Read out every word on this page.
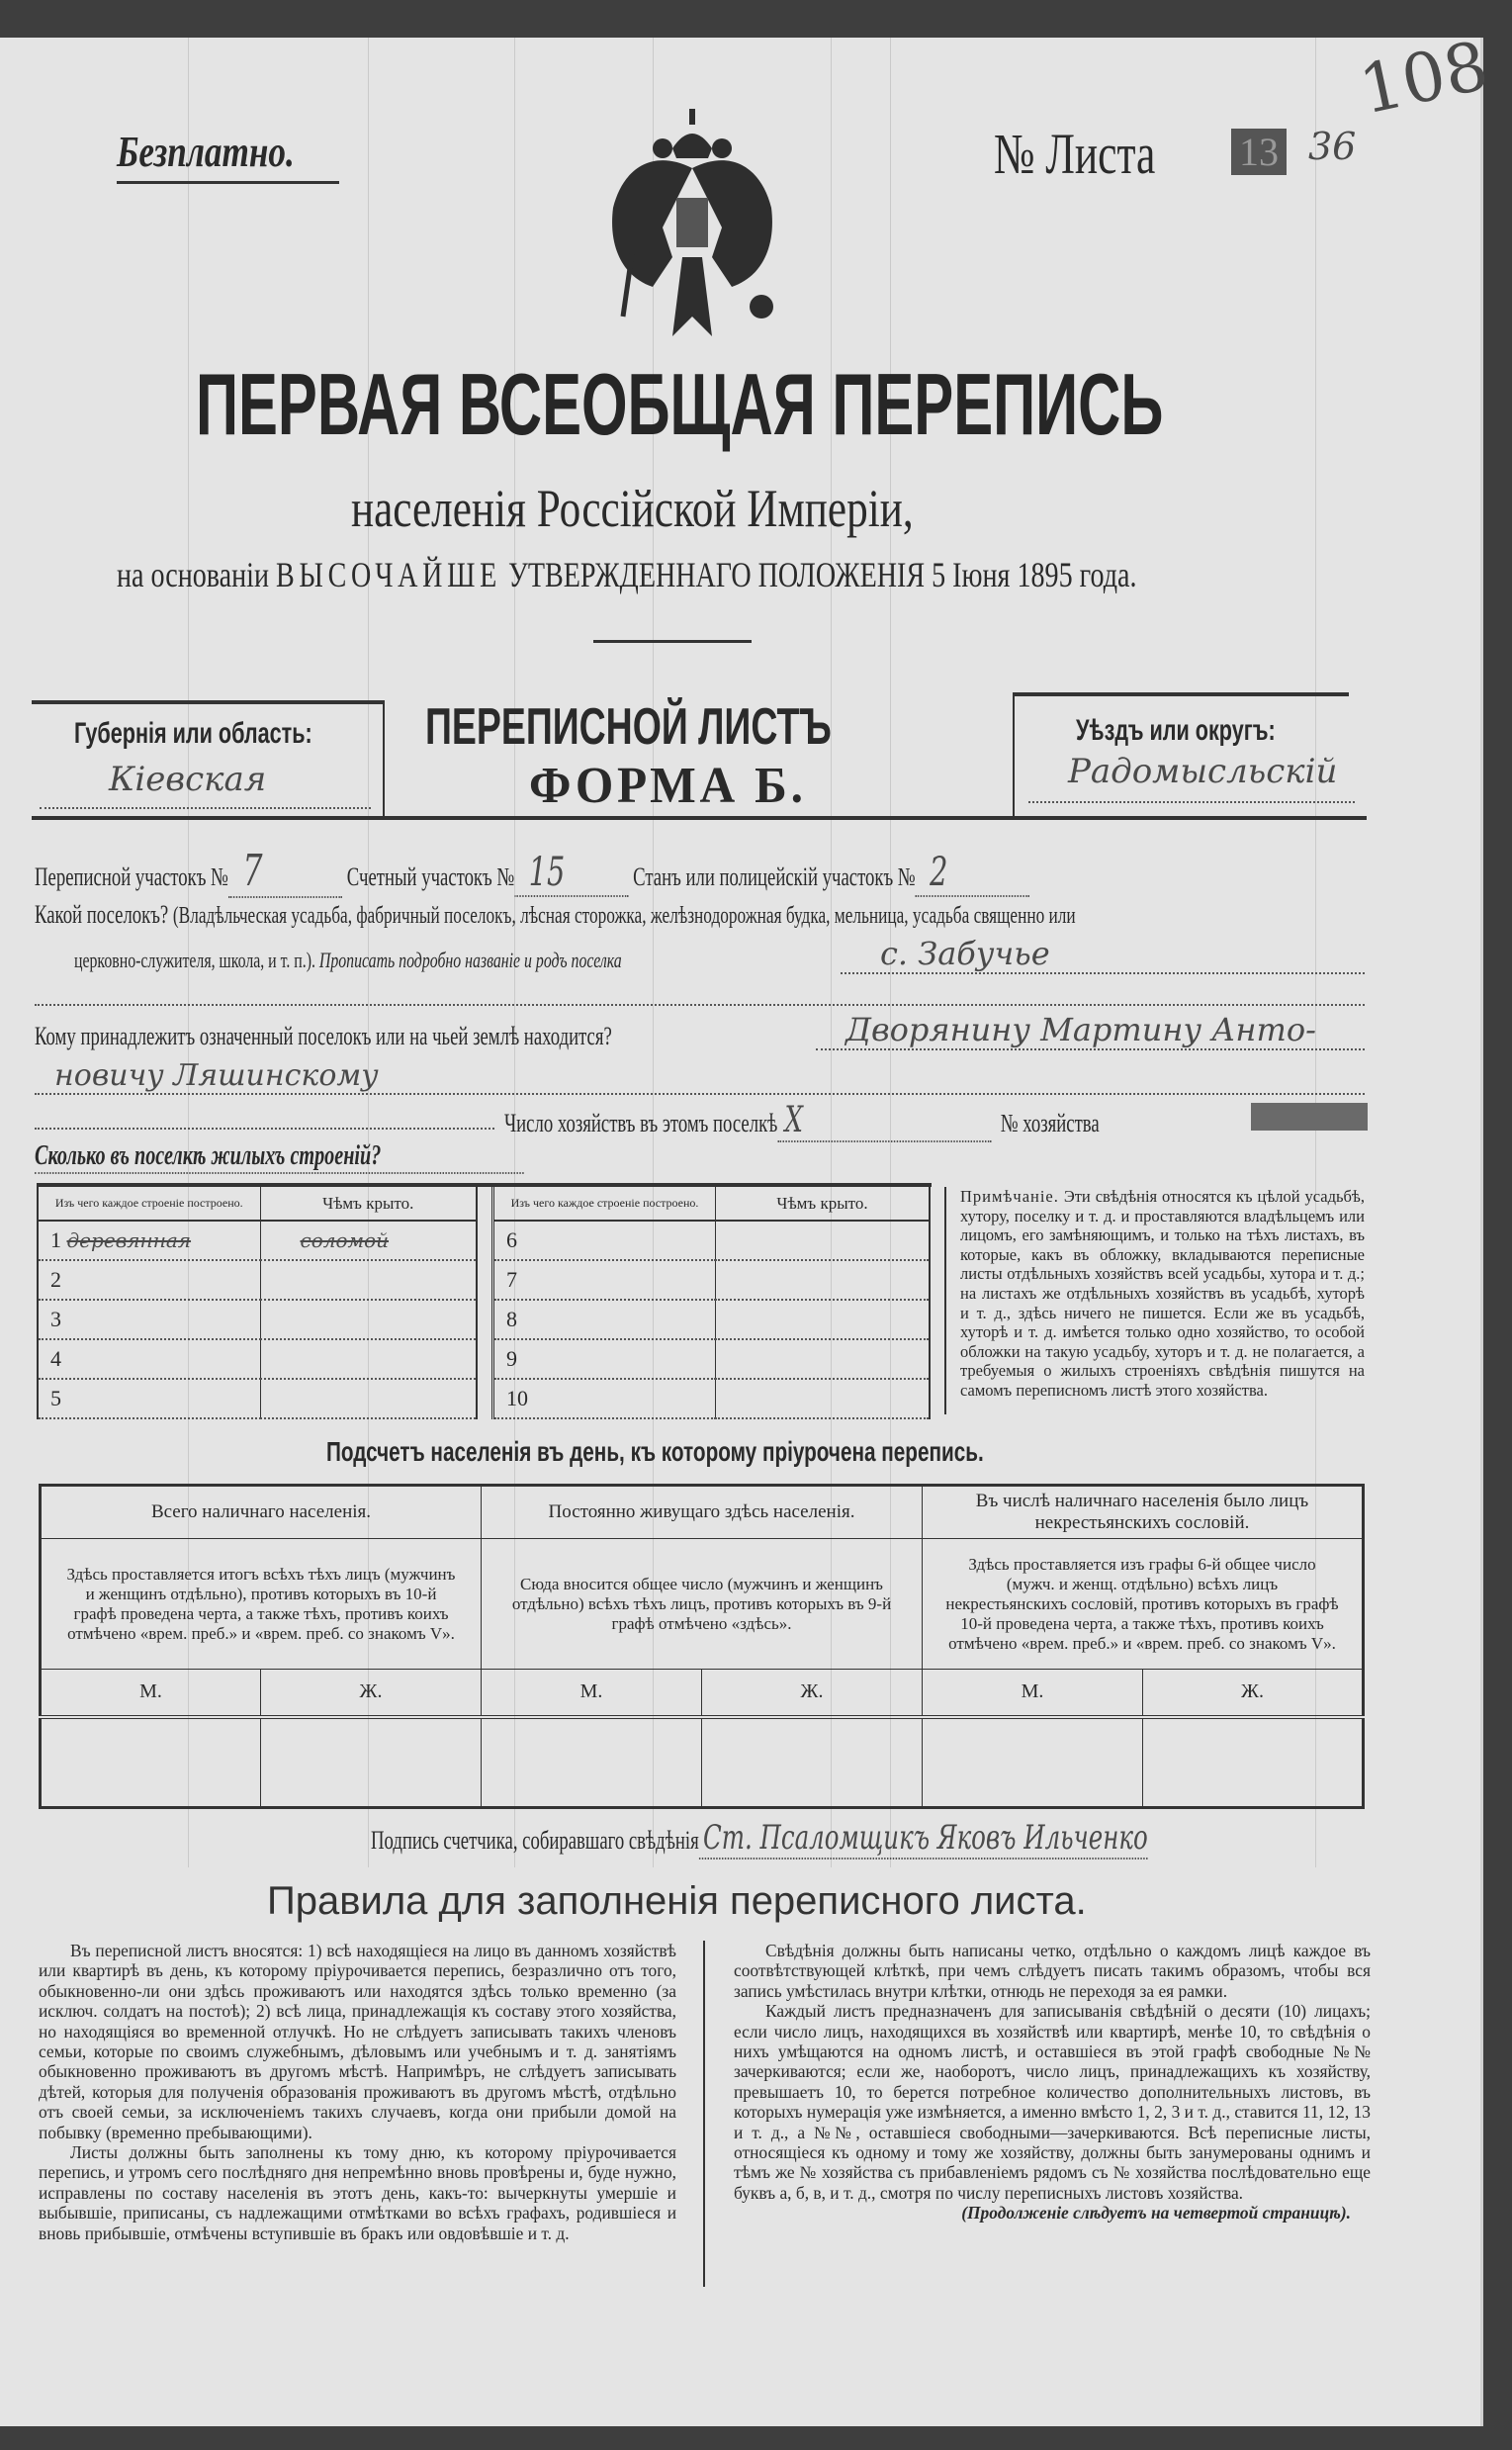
Безплатно.	№ Листа 13 36
108
ПЕРВАЯ ВСЕОБЩАЯ ПЕРЕПИСЬ
населенія Россійской Имперіи,
на основанiи ВЫСОЧАЙШЕ УТВЕРЖДЕННАГО ПОЛОЖЕНІЯ 5 Іюня 1895 года.
Губернія или область:
Кіевская
ПЕРЕПИСНОЙ ЛИСТЪ
ФОРМА Б.
Уѣздъ или округъ:
Радомысльскій
Переписной участокъ № 7	Счетный участокъ № 15	Станъ или полицейскій участокъ № 2
Какой поселокъ? (Владѣльческая усадьба, фабричный поселокъ, лѣсная сторожка, желѣзнодорожная будка, мельница, усадьба священно или
церковно-служителя, школа, и т. п.). Прописать подробно названіе и родъ поселка	с. Забучье
Кому принадлежитъ означенный поселокъ или на чьей землѣ находится?	Дворянину Мартину Анто-
новичу Ляшинскому
Число хозяйствъ въ этомъ поселкѣ Х	№ хозяйства
Сколько въ поселкѣ жилыхъ строеній?
Изъ чего каждое строеніе построено.	Чѣмъ крыто.
1 деревянная	соломой
2	
3	
4	
5	
Изъ чего каждое строеніе построено.	Чѣмъ крыто.
6	
7	
8	
9	
10	
Примѣчаніе. Эти свѣдѣнія относятся къ цѣлой усадьбѣ, хутору, поселку и т. д. и проставляются владѣльцемъ или лицомъ, его замѣняющимъ, и только на тѣхъ листахъ, въ которые, какъ въ обложку, вкладываются переписные листы отдѣльныхъ хозяйствъ всей усадьбы, хутора и т. д.; на листахъ же отдѣльныхъ хозяйствъ въ усадьбѣ, хуторѣ и т. д., здѣсь ничего не пишется. Если же въ усадьбѣ, хуторѣ и т. д. имѣется только одно хозяйство, то особой обложки на такую усадьбу, хуторъ и т. д. не полагается, а требуемыя о жилыхъ строеніяхъ свѣдѣнія пишутся на самомъ переписномъ листѣ этого хозяйства.
Подсчетъ населенія въ день, къ которому пріурочена перепись.
Всего наличнаго населенія.		Постоянно живущаго здѣсь населенія.		Въ числѣ наличнаго населенія было лицъ некрестьянскихъ сословій.	
Здѣсь проставляется итогъ всѣхъ тѣхъ лицъ (мужчинъ и женщинъ отдѣльно), противъ которыхъ въ 10-й графѣ проведена черта, а также тѣхъ, противъ коихъ отмѣчено «врем. преб.» и «врем. преб. со знакомъ V».		Сюда вносится общее число (мужчинъ и женщинъ отдѣльно) всѣхъ тѣхъ лицъ, противъ которыхъ въ 9-й графѣ отмѣчено «здѣсь».		Здѣсь проставляется изъ графы 6-й общее число (мужч. и женщ. отдѣльно) всѣхъ лицъ некрестьянскихъ сословій, противъ которыхъ въ графѣ 10-й проведена черта, а также тѣхъ, противъ коихъ отмѣчено «врем. преб.» и «врем. преб. со знакомъ V».	
М.	Ж.	М.	Ж.	М.	Ж.

Подпись счетчика, собиравшаго свѣдѣнія Ст. Псаломщикъ Яковъ Ильченко
Правила для заполненія переписного листа.

Въ переписной листъ вносятся: 1) всѣ находящіеся на лицо въ данномъ хозяйствѣ или квартирѣ въ день, къ которому пріурочивается перепись, безразлично отъ того, обыкновенно-ли они здѣсь проживаютъ или находятся здѣсь только временно (за исключ. солдатъ на постоѣ); 2) всѣ лица, принадлежащія къ составу этого хозяйства, но находящіяся во временной отлучкѣ. Но не слѣдуетъ записывать такихъ членовъ семьи, которые по своимъ служебнымъ, дѣловымъ или учебнымъ и т. д. занятіямъ обыкновенно проживаютъ въ другомъ мѣстѣ. Напримѣръ, не слѣдуетъ записывать дѣтей, которыя для полученія образованія проживаютъ въ другомъ мѣстѣ, отдѣльно отъ своей семьи, за исключеніемъ такихъ случаевъ, когда они прибыли домой на побывку (временно пребывающими).

Листы должны быть заполнены къ тому дню, къ которому пріурочивается перепись, и утромъ сего послѣдняго дня непремѣнно вновь провѣрены и, буде нужно, исправлены по составу населенія въ этотъ день, какъ-то: вычеркнуты умершіе и выбывшіе, приписаны, съ надлежащими отмѣтками во всѣхъ графахъ, родившіеся и вновь прибывшіе, отмѣчены вступившіе въ бракъ или овдовѣвшіе и т. д.

Свѣдѣнія должны быть написаны четко, отдѣльно о каждомъ лицѣ каждое въ соотвѣтствующей клѣткѣ, при чемъ слѣдуетъ писать такимъ образомъ, чтобы вся запись умѣстилась внутри клѣтки, отнюдь не переходя за ея рамки.

Каждый листъ предназначенъ для записыванія свѣдѣній о десяти (10) лицахъ; если число лицъ, находящихся въ хозяйствѣ или квартирѣ, менѣе 10, то свѣдѣнія о нихъ умѣщаются на одномъ листѣ, и оставшіеся въ этой графѣ свободные №№ зачеркиваются; если же, наоборотъ, число лицъ, принадлежащихъ къ хозяйству, превышаетъ 10, то берется потребное количество дополнительныхъ листовъ, въ которыхъ нумерація уже измѣняется, а именно вмѣсто 1, 2, 3 и т. д., ставится 11, 12, 13 и т. д., а №№, оставшіеся свободными—зачеркиваются. Всѣ переписные листы, относящіеся къ одному и тому же хозяйству, должны быть занумерованы однимъ и тѣмъ же № хозяйства съ прибавленіемъ рядомъ съ № хозяйства послѣдовательно еще буквъ а, б, в, и т. д., смотря по числу переписныхъ листовъ хозяйства.

(Продолженіе слѣдуетъ на четвертой страницѣ).
